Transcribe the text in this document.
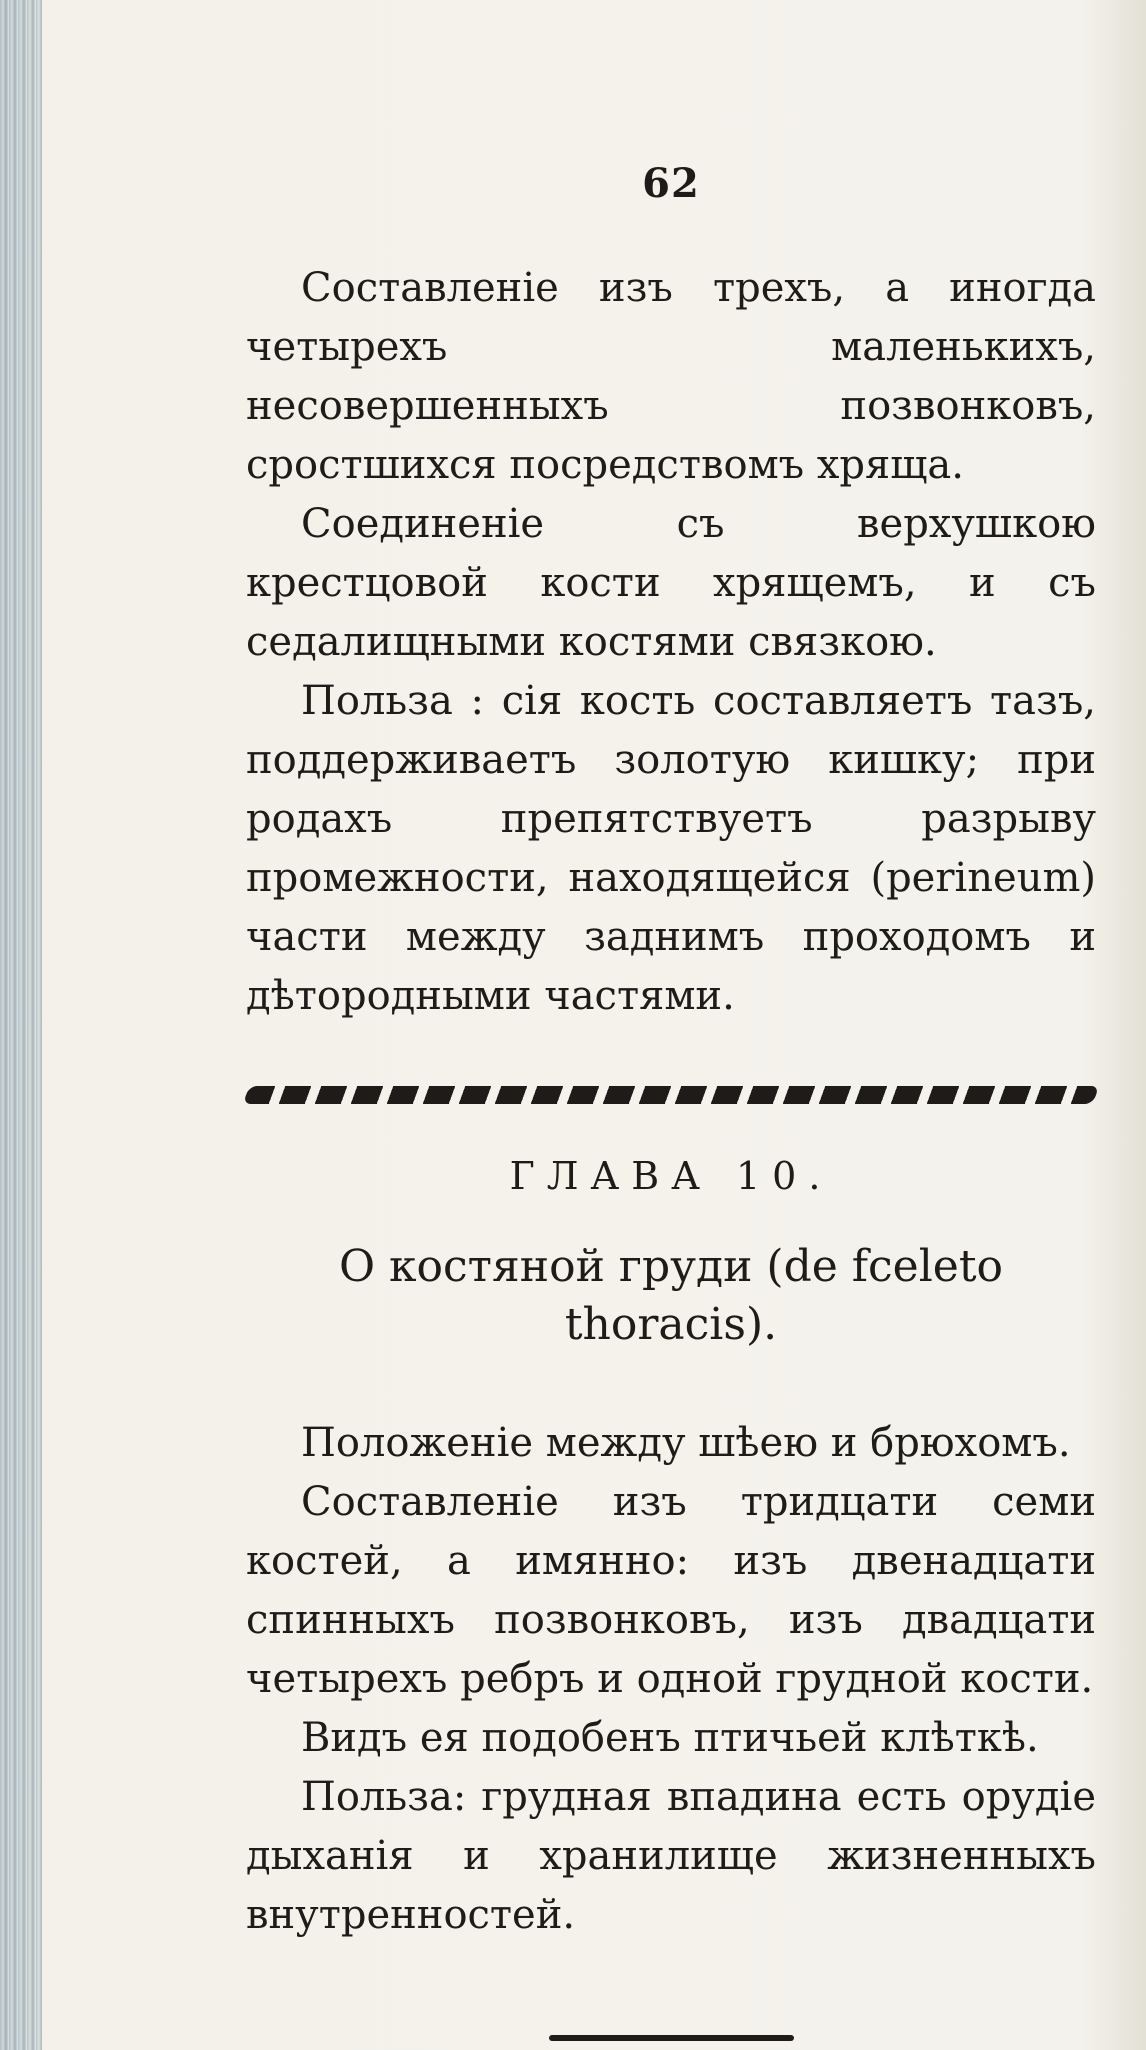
62

Составленіе изъ трехъ, а иногда четырехъ маленькихъ, несовершенныхъ позвонковъ, сростшихся посредствомъ хряща.

Соединеніе съ верхушкою крестцовой кости хрящемъ, и съ седалищными костями связкою.

Польза : сія кость составляетъ тазъ, поддерживаетъ золотую кишку; при родахъ препятствуетъ разрыву промежности, находящейся (perineum) части между заднимъ проходомъ и дѣтородными частями.

ГЛАВА 10.
О костяной груди (de fceleto thoracis).

Положеніе между шѣею и брюхомъ.

Составленіе изъ тридцати семи костей, а имянно: изъ двенадцати спинныхъ позвонковъ, изъ двадцати четырехъ ребръ и одной грудной кости.

Видъ ея подобенъ птичьей клѣткѣ.

Польза: грудная впадина есть орудіе дыханія и хранилище жизненныхъ внутренностей.
